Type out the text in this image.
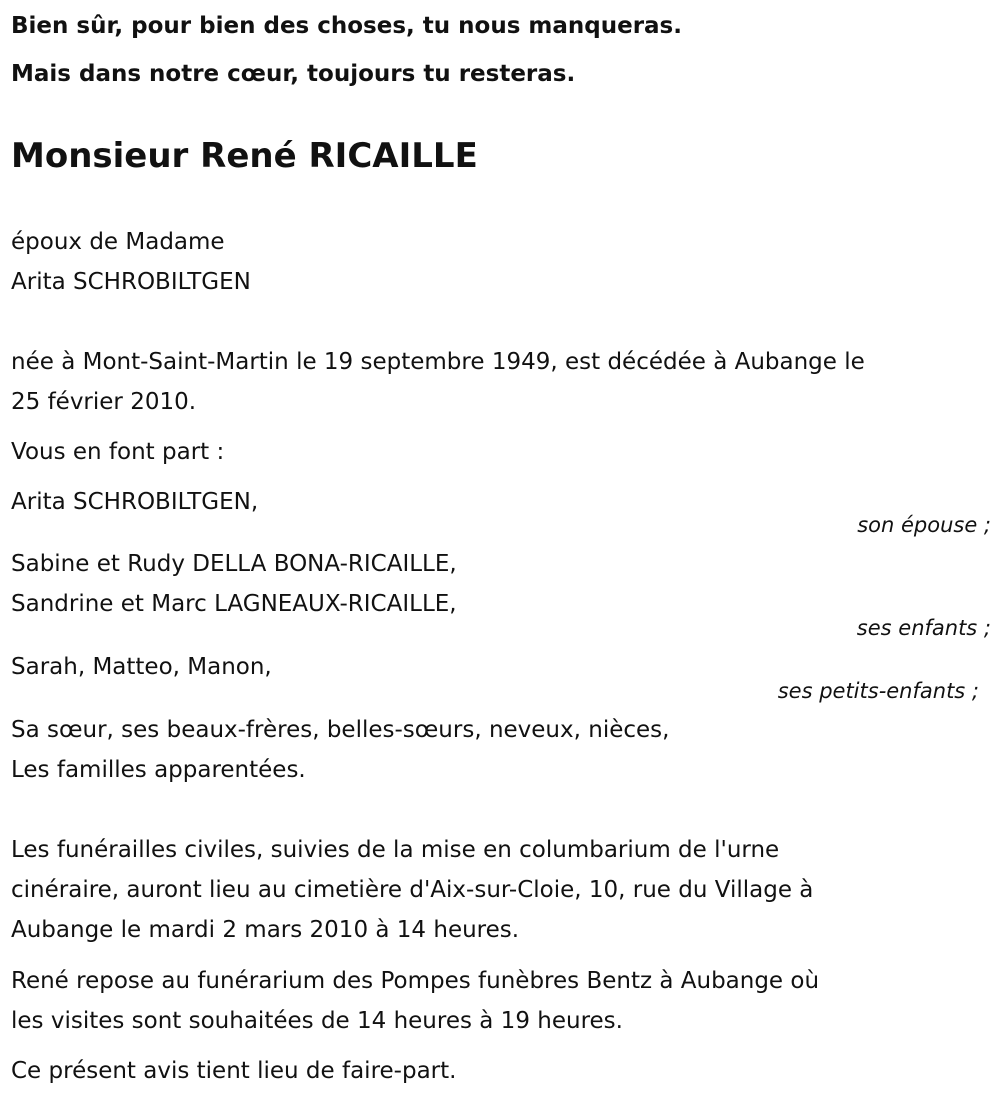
Bien sûr, pour bien des choses, tu nous manqueras.
Mais dans notre cœur, toujours tu resteras.
Monsieur René RICAILLE
époux de Madame
Arita SCHROBILTGEN
née à Mont-Saint-Martin le 19 septembre 1949, est décédée à Aubange le
25 février 2010.
Vous en font part :
Arita SCHROBILTGEN,
son épouse ;
Sabine et Rudy DELLA BONA-RICAILLE,
Sandrine et Marc LAGNEAUX-RICAILLE,
ses enfants ;
Sarah, Matteo, Manon,
ses petits-enfants ;
Sa sœur, ses beaux-frères, belles-sœurs, neveux, nièces,
Les familles apparentées.
Les funérailles civiles, suivies de la mise en columbarium de l'urne
cinéraire, auront lieu au cimetière d'Aix-sur-Cloie, 10, rue du Village à
Aubange le mardi 2 mars 2010 à 14 heures.
René repose au funérarium des Pompes funèbres Bentz à Aubange où
les visites sont souhaitées de 14 heures à 19 heures.
Ce présent avis tient lieu de faire-part.
